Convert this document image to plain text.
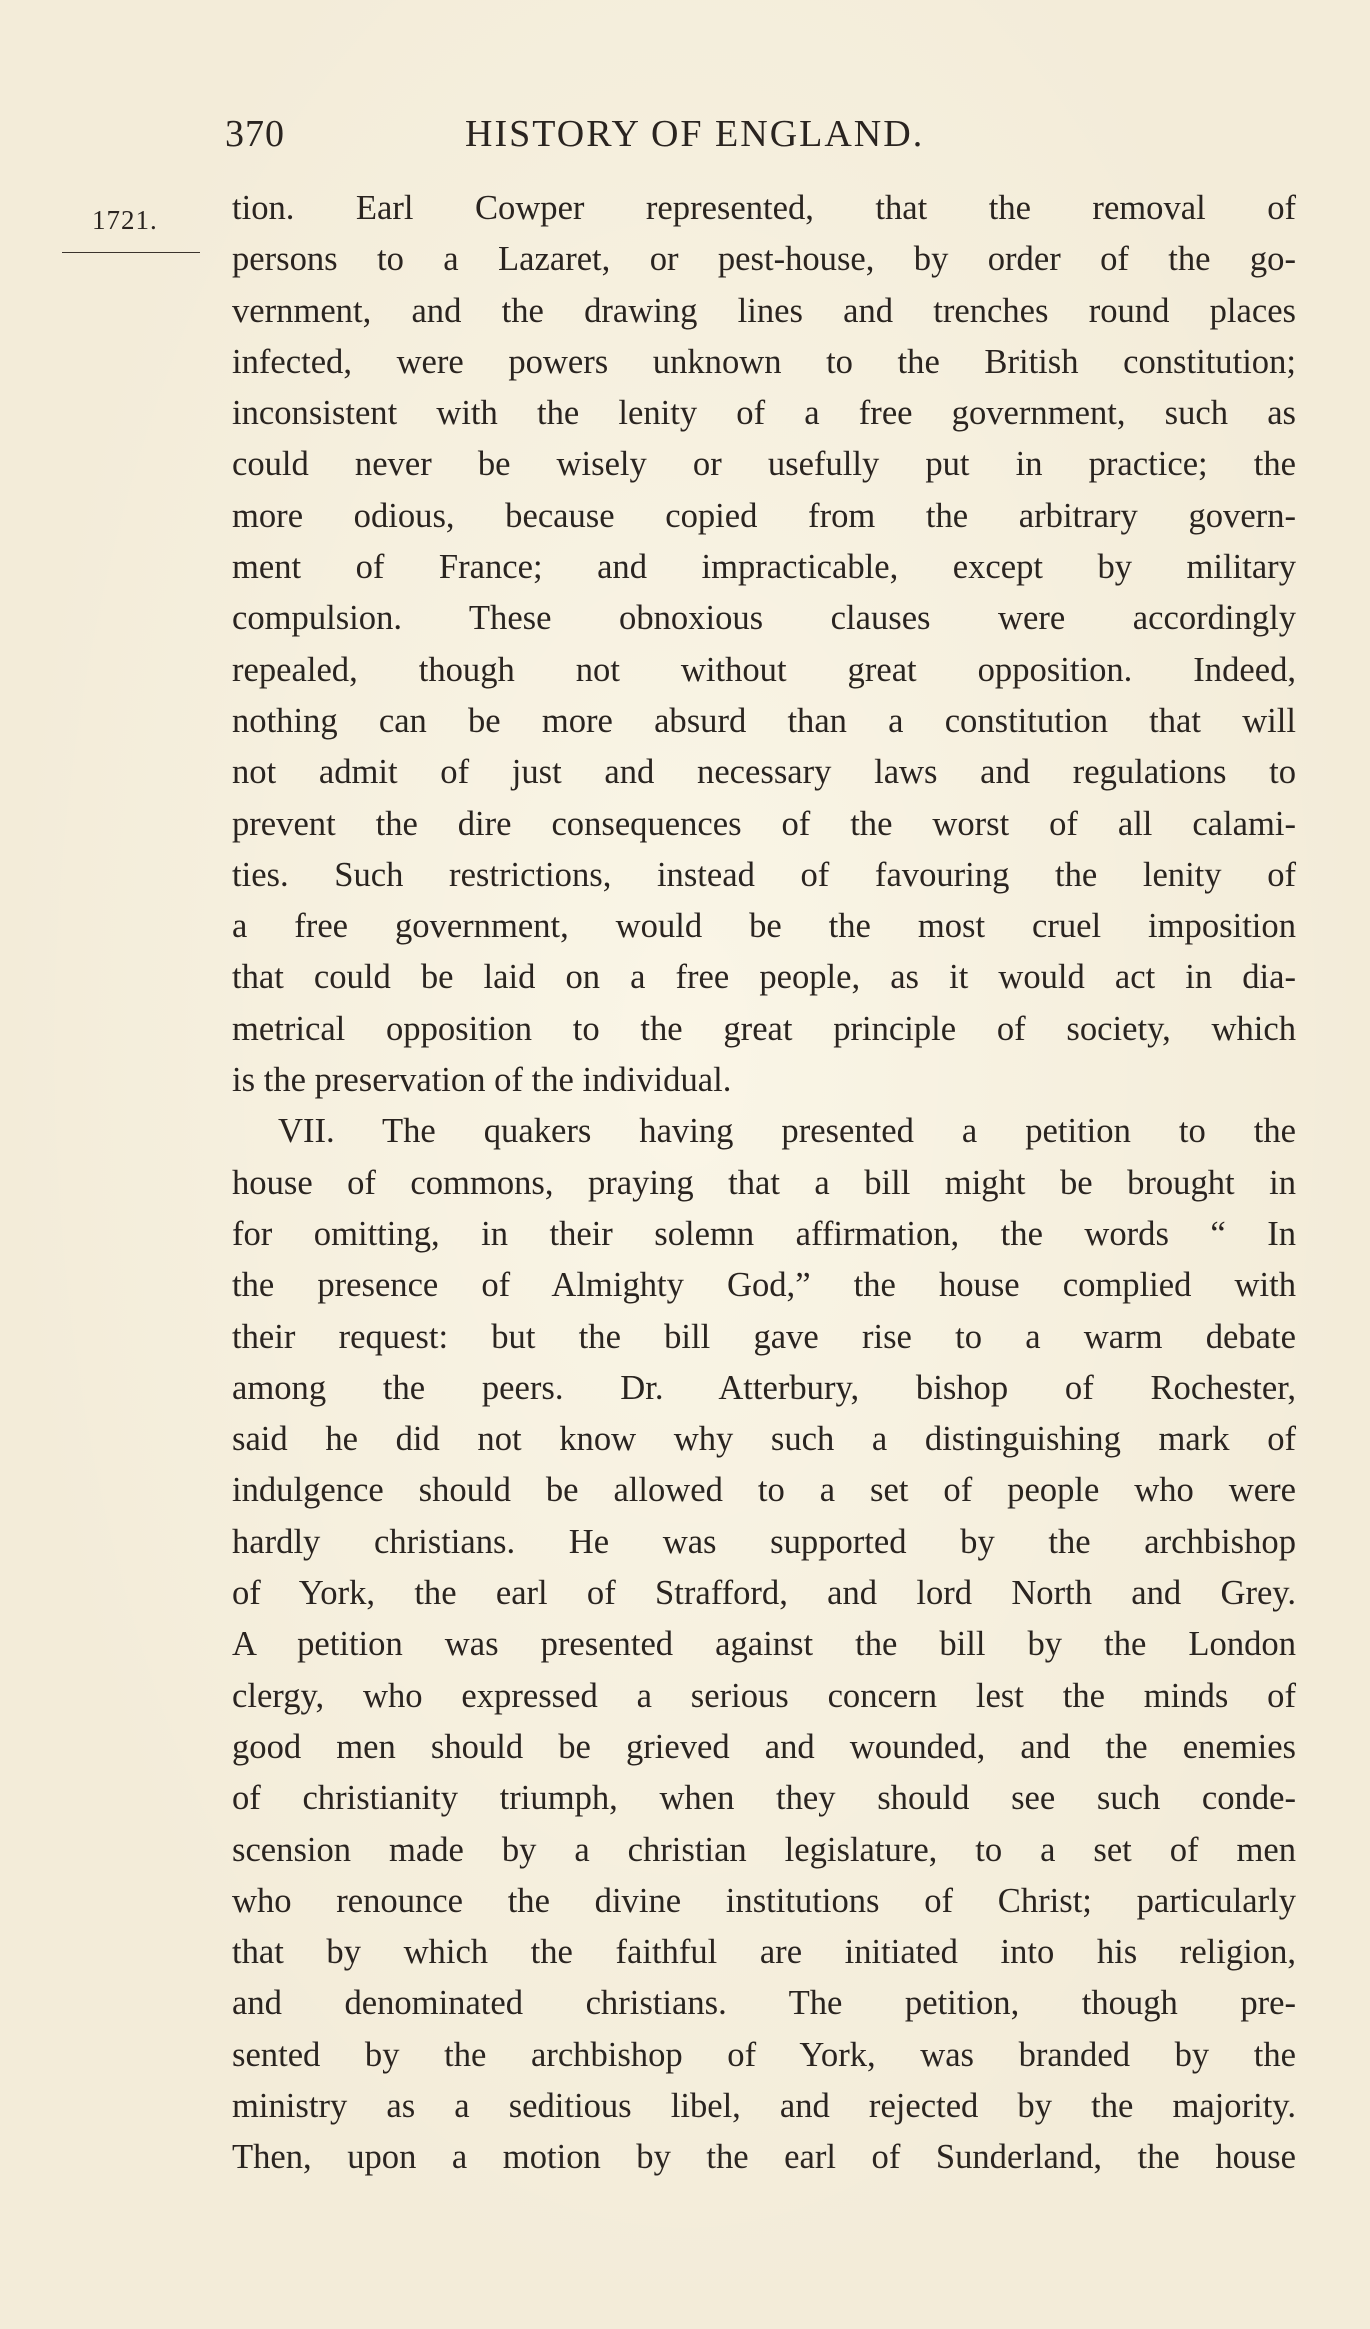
370	HISTORY OF ENGLAND.
1721. tion. Earl Cowper represented, that the removal of
persons to a Lazaret, or pest-house, by order of the go-
vernment, and the drawing lines and trenches round places
infected, were powers unknown to the British constitution;
inconsistent with the lenity of a free government, such as
could never be wisely or usefully put in practice; the
more odious, because copied from the arbitrary govern-
ment of France; and impracticable, except by military
compulsion. These obnoxious clauses were accordingly
repealed, though not without great opposition. Indeed,
nothing can be more absurd than a constitution that will
not admit of just and necessary laws and regulations to
prevent the dire consequences of the worst of all calami-
ties. Such restrictions, instead of favouring the lenity of
a free government, would be the most cruel imposition
that could be laid on a free people, as it would act in dia-
metrical opposition to the great principle of society, which
is the preservation of the individual.
VII. The quakers having presented a petition to the
house of commons, praying that a bill might be brought in
for omitting, in their solemn affirmation, the words “ In
the presence of Almighty God,” the house complied with
their request: but the bill gave rise to a warm debate
among the peers. Dr. Atterbury, bishop of Rochester,
said he did not know why such a distinguishing mark of
indulgence should be allowed to a set of people who were
hardly christians. He was supported by the archbishop
of York, the earl of Strafford, and lord North and Grey.
A petition was presented against the bill by the London
clergy, who expressed a serious concern lest the minds of
good men should be grieved and wounded, and the enemies
of christianity triumph, when they should see such conde-
scension made by a christian legislature, to a set of men
who renounce the divine institutions of Christ; particularly
that by which the faithful are initiated into his religion,
and denominated christians. The petition, though pre-
sented by the archbishop of York, was branded by the
ministry as a seditious libel, and rejected by the majority.
Then, upon a motion by the earl of Sunderland, the house
